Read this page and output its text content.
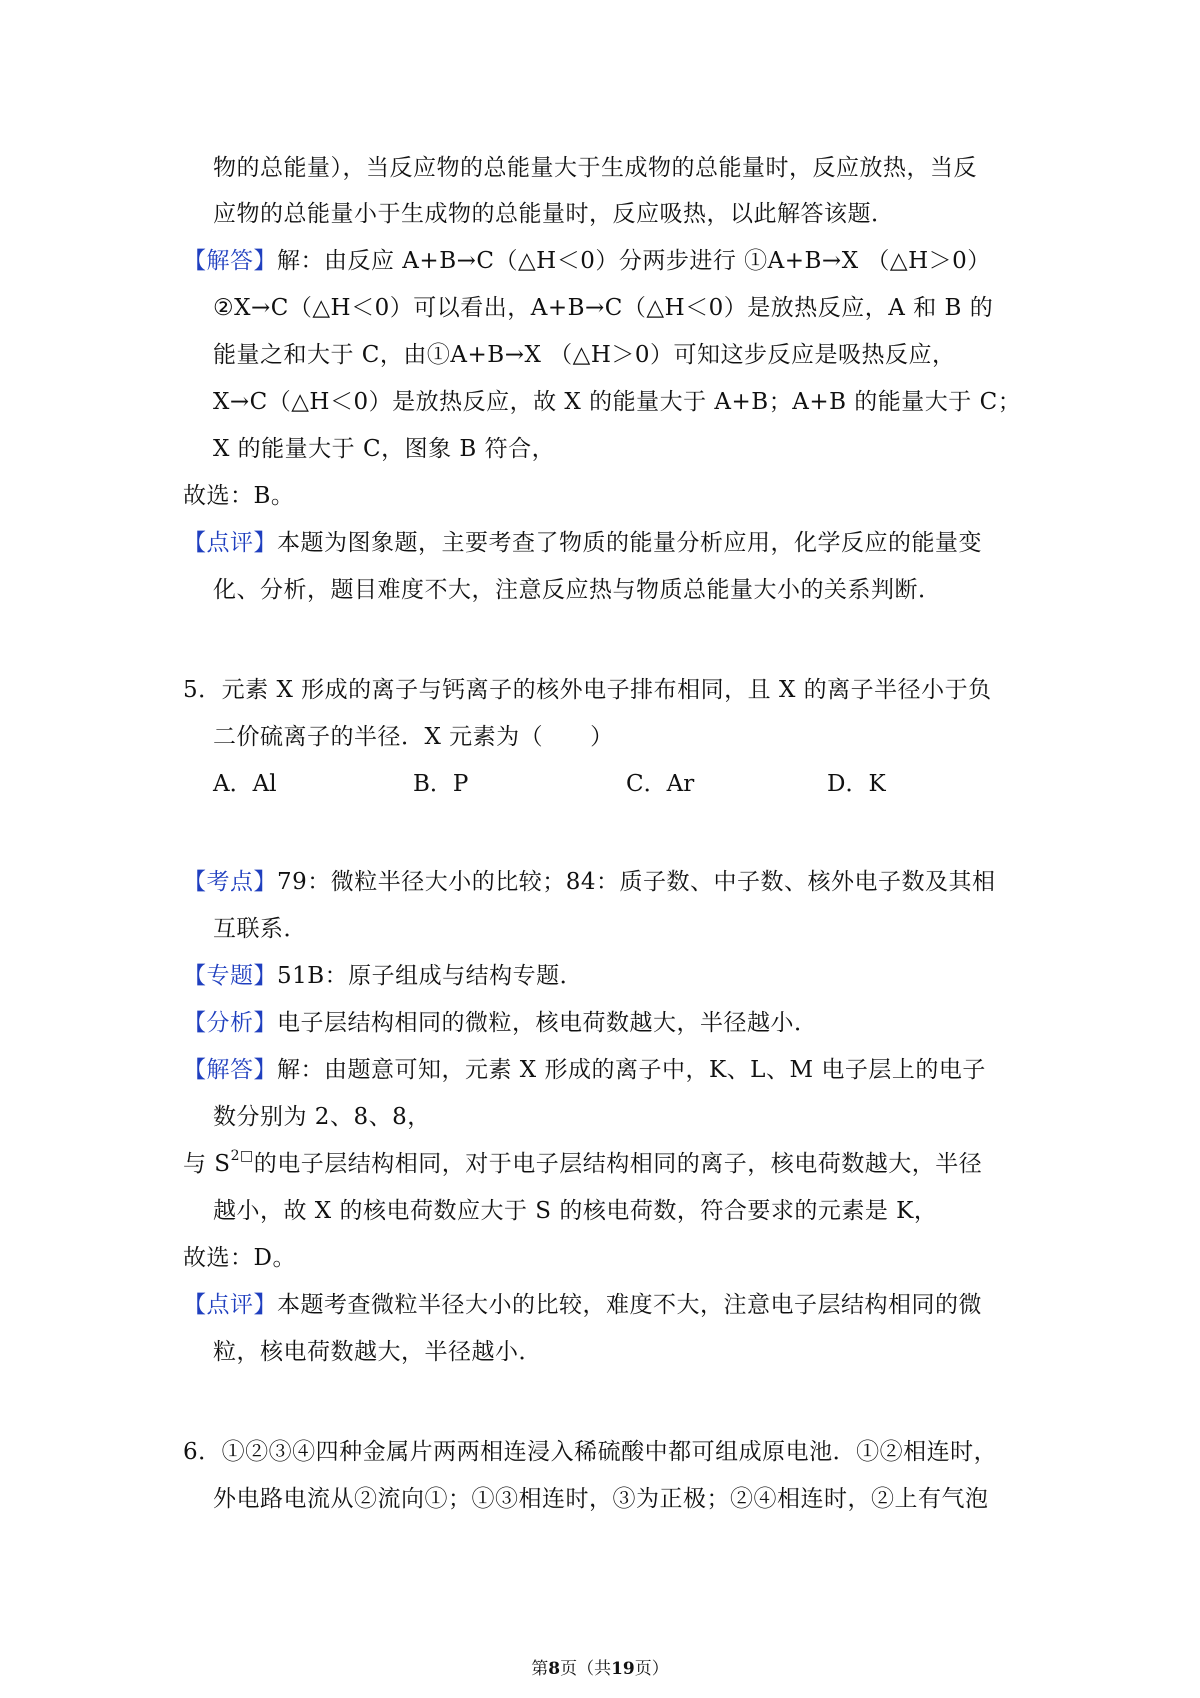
物的总能量），当反应物的总能量大于生成物的总能量时，反应放热，当反
应物的总能量小于生成物的总能量时，反应吸热，以此解答该题．
【解答】解：由反应 A+B→C（△H＜0）分两步进行 ①A+B→X （△H＞0）
②X→C（△H＜0）可以看出，A+B→C（△H＜0）是放热反应，A 和 B 的
能量之和大于 C，由①A+B→X （△H＞0）可知这步反应是吸热反应，
X→C（△H＜0）是放热反应，故 X 的能量大于 A+B；A+B 的能量大于 C；
X 的能量大于 C，图象 B 符合，
故选：B。
【点评】本题为图象题，主要考查了物质的能量分析应用，化学反应的能量变
化、分析，题目难度不大，注意反应热与物质总能量大小的关系判断．
5．元素 X 形成的离子与钙离子的核外电子排布相同，且 X 的离子半径小于负
二价硫离子的半径．X 元素为（　　）
A．Al	B．P	C．Ar	D．K
【考点】79：微粒半径大小的比较；84：质子数、中子数、核外电子数及其相
互联系．
【专题】51B：原子组成与结构专题．
【分析】电子层结构相同的微粒，核电荷数越大，半径越小．
【解答】解：由题意可知，元素 X 形成的离子中，K、L、M 电子层上的电子
数分别为 2、8、8，
与 $S^{2□}$的电子层结构相同，对于电子层结构相同的离子，核电荷数越大，半径
越小，故 X 的核电荷数应大于 S 的核电荷数，符合要求的元素是 K，
故选：D。
【点评】本题考查微粒半径大小的比较，难度不大，注意电子层结构相同的微
粒，核电荷数越大，半径越小．
6．①②③④四种金属片两两相连浸入稀硫酸中都可组成原电池．①②相连时，
外电路电流从②流向①；①③相连时，③为正极；②④相连时，②上有气泡
第8页（共19页）
